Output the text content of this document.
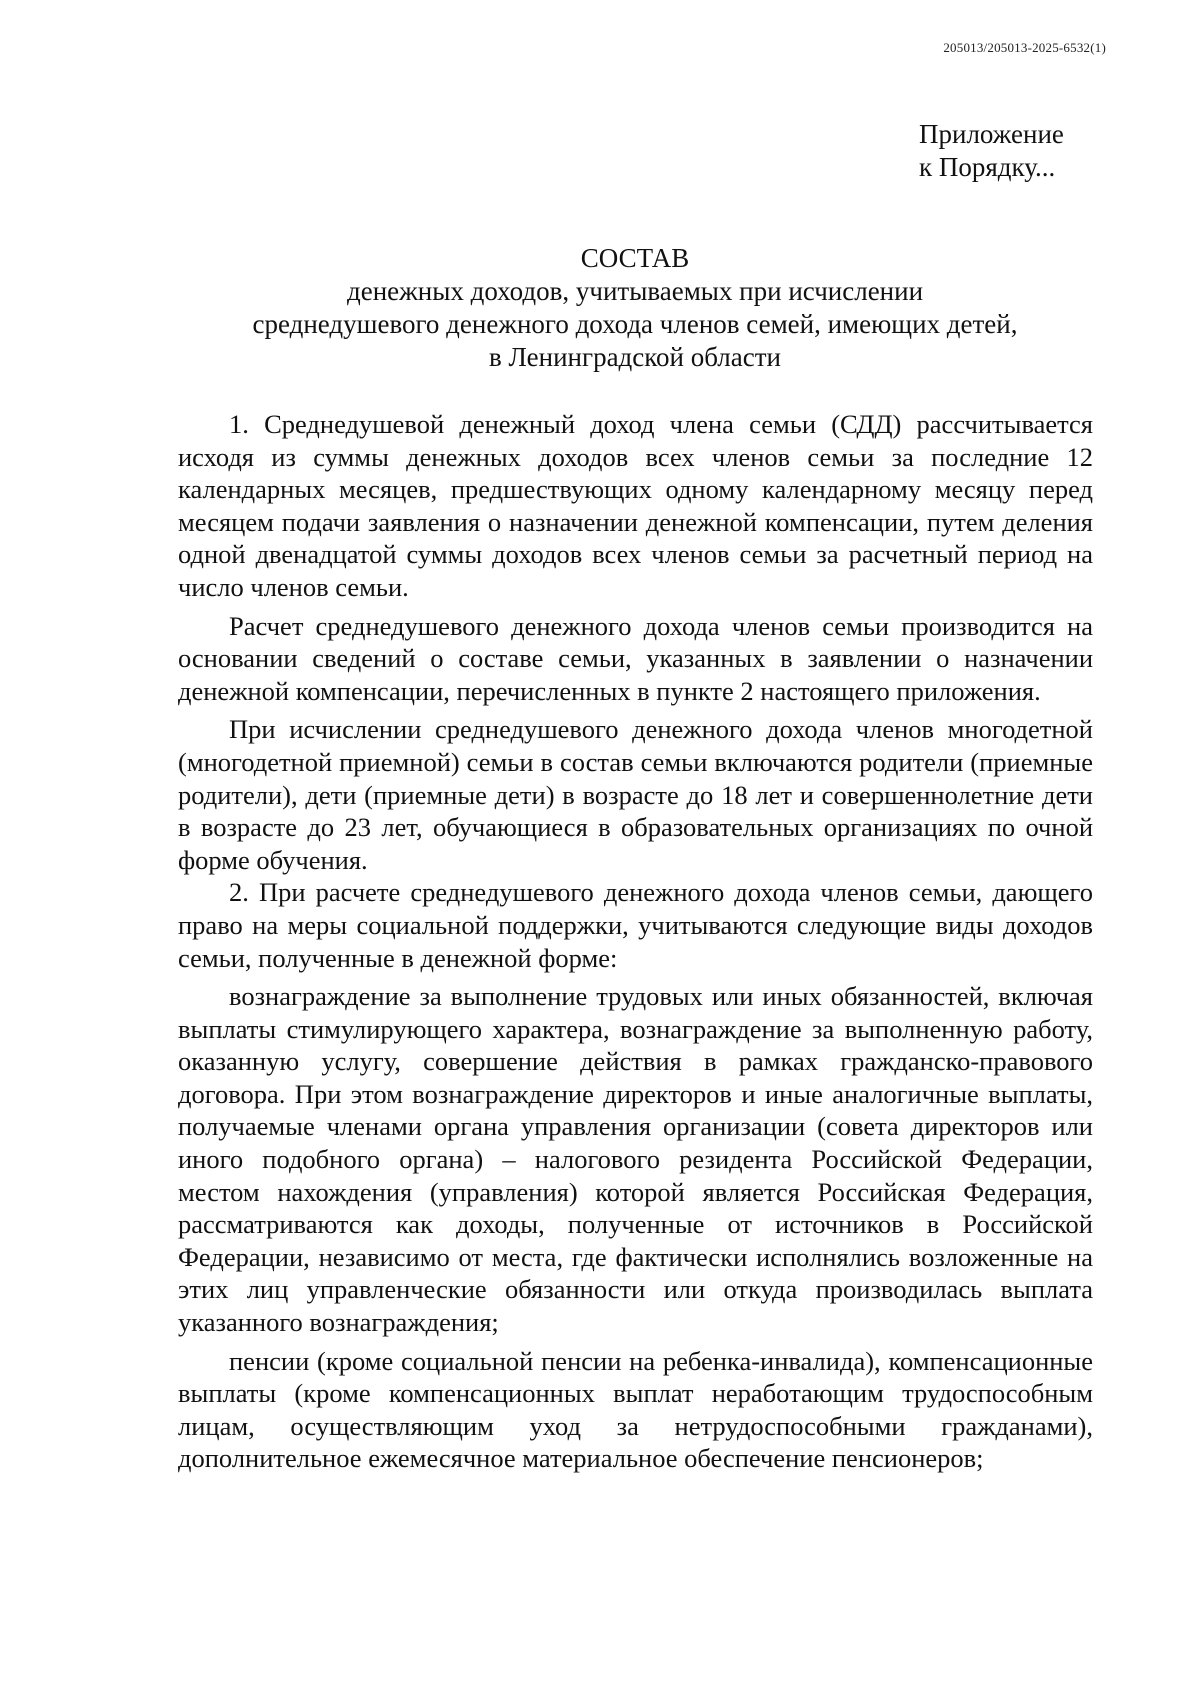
205013/205013-2025-6532(1)
Приложение
к Порядку...
СОСТАВ
денежных доходов, учитываемых при исчислении
среднедушевого денежного дохода членов семей, имеющих детей,
в Ленинградской области

1. Среднедушевой денежный доход члена семьи (СДД) рассчитывается исходя из суммы денежных доходов всех членов семьи за последние 12 календарных месяцев, предшествующих одному календарному месяцу перед месяцем подачи заявления о назначении денежной компенсации, путем деления одной двенадцатой суммы доходов всех членов семьи за расчетный период на число членов семьи.

Расчет среднедушевого денежного дохода членов семьи производится на основании сведений о составе семьи, указанных в заявлении о назначении денежной компенсации, перечисленных в пункте 2 настоящего приложения.

При исчислении среднедушевого денежного дохода членов многодетной (многодетной приемной) семьи в состав семьи включаются родители (приемные родители), дети (приемные дети) в возрасте до 18 лет и совершеннолетние дети в возрасте до 23 лет, обучающиеся в образовательных организациях по очной форме обучения.

2. При расчете среднедушевого денежного дохода членов семьи, дающего право на меры социальной поддержки, учитываются следующие виды доходов семьи, полученные в денежной форме:

вознаграждение за выполнение трудовых или иных обязанностей, включая выплаты стимулирующего характера, вознаграждение за выполненную работу, оказанную услугу, совершение действия в рамках гражданско-правового договора. При этом вознаграждение директоров и иные аналогичные выплаты, получаемые членами органа управления организации (совета директоров или иного подобного органа) – налогового резидента Российской Федерации, местом нахождения (управления) которой является Российская Федерация, рассматриваются как доходы, полученные от источников в Российской Федерации, независимо от места, где фактически исполнялись возложенные на этих лиц управленческие обязанности или откуда производилась выплата указанного вознаграждения;

пенсии (кроме социальной пенсии на ребенка-инвалида), компенсационные выплаты (кроме компенсационных выплат неработающим трудоспособным лицам, осуществляющим уход за нетрудоспособными гражданами), дополнительное ежемесячное материальное обеспечение пенсионеров;
